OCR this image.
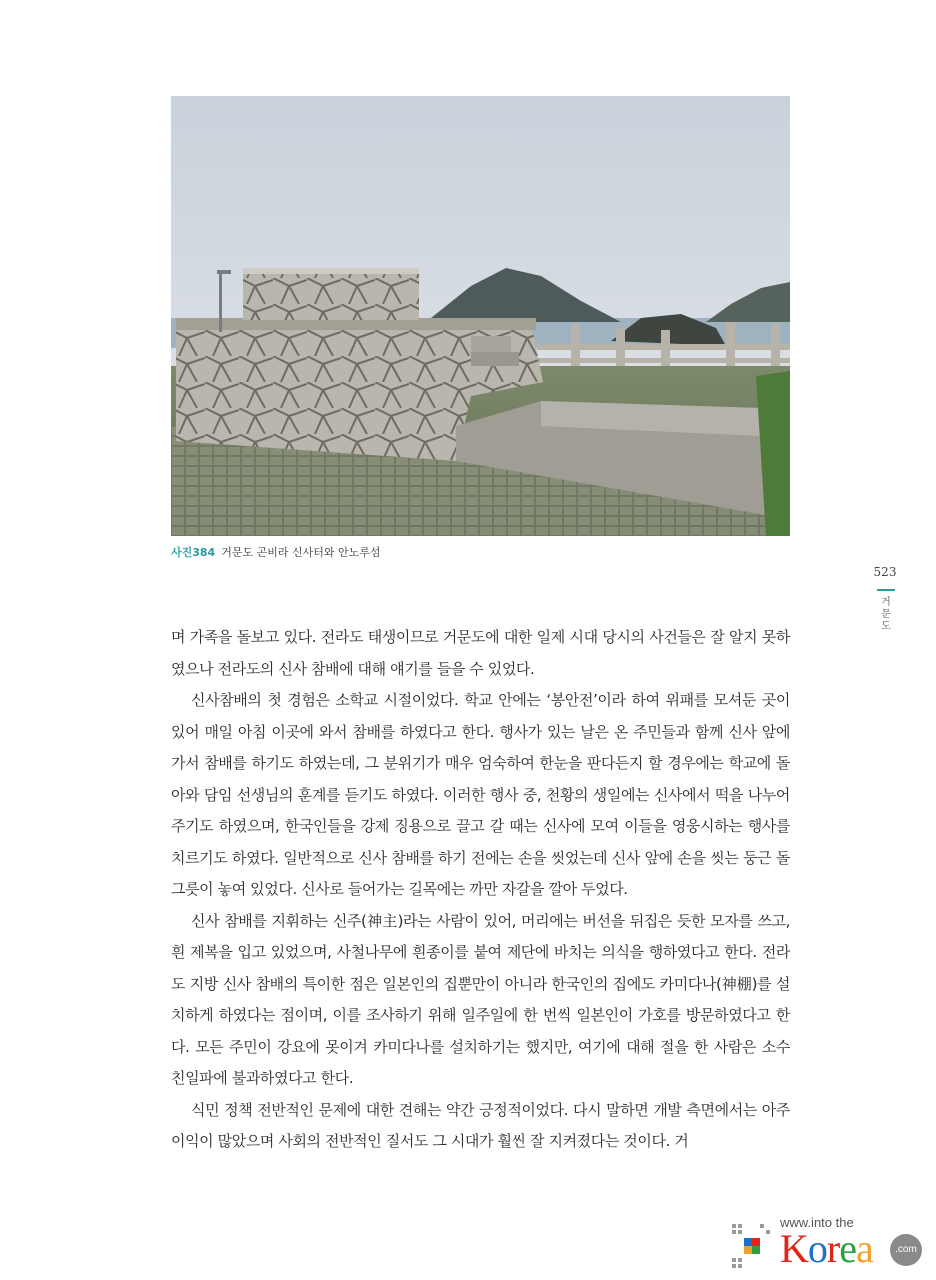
사진384 거문도 곤비라 신사터와 안노루섬
523
거문도

며 가족을 돌보고 있다. 전라도 태생이므로 거문도에 대한 일제 시대 당시의 사건들은 잘 알지 못하였으나 전라도의 신사 참배에 대해 얘기를 들을 수 있었다.

신사참배의 첫 경험은 소학교 시절이었다. 학교 안에는 ‘봉안전’이라 하여 위패를 모셔둔 곳이 있어 매일 아침 이곳에 와서 참배를 하였다고 한다. 행사가 있는 날은 온 주민들과 함께 신사 앞에 가서 참배를 하기도 하였는데, 그 분위기가 매우 엄숙하여 한눈을 판다든지 할 경우에는 학교에 돌아와 담임 선생님의 훈계를 듣기도 하였다. 이러한 행사 중, 천황의 생일에는 신사에서 떡을 나누어 주기도 하였으며, 한국인들을 강제 징용으로 끌고 갈 때는 신사에 모여 이들을 영웅시하는 행사를 치르기도 하였다. 일반적으로 신사 참배를 하기 전에는 손을 씻었는데 신사 앞에 손을 씻는 둥근 돌그릇이 놓여 있었다. 신사로 들어가는 길목에는 까만 자갈을 깔아 두었다.

신사 참배를 지휘하는 신주(神主)라는 사람이 있어, 머리에는 버선을 뒤집은 듯한 모자를 쓰고, 흰 제복을 입고 있었으며, 사철나무에 흰종이를 붙여 제단에 바치는 의식을 행하였다고 한다. 전라도 지방 신사 참배의 특이한 점은 일본인의 집뿐만이 아니라 한국인의 집에도 카미다나(神棚)를 설치하게 하였다는 점이며, 이를 조사하기 위해 일주일에 한 번씩 일본인이 가호를 방문하였다고 한다. 모든 주민이 강요에 못이겨 카미다나를 설치하기는 했지만, 여기에 대해 절을 한 사람은 소수 친일파에 불과하였다고 한다.

식민 정책 전반적인 문제에 대한 견해는 약간 긍정적이었다. 다시 말하면 개발 측면에서는 아주 이익이 많았으며 사회의 전반적인 질서도 그 시대가 훨씬 잘 지켜졌다는 것이다. 거

www.into the
Korea	.com
